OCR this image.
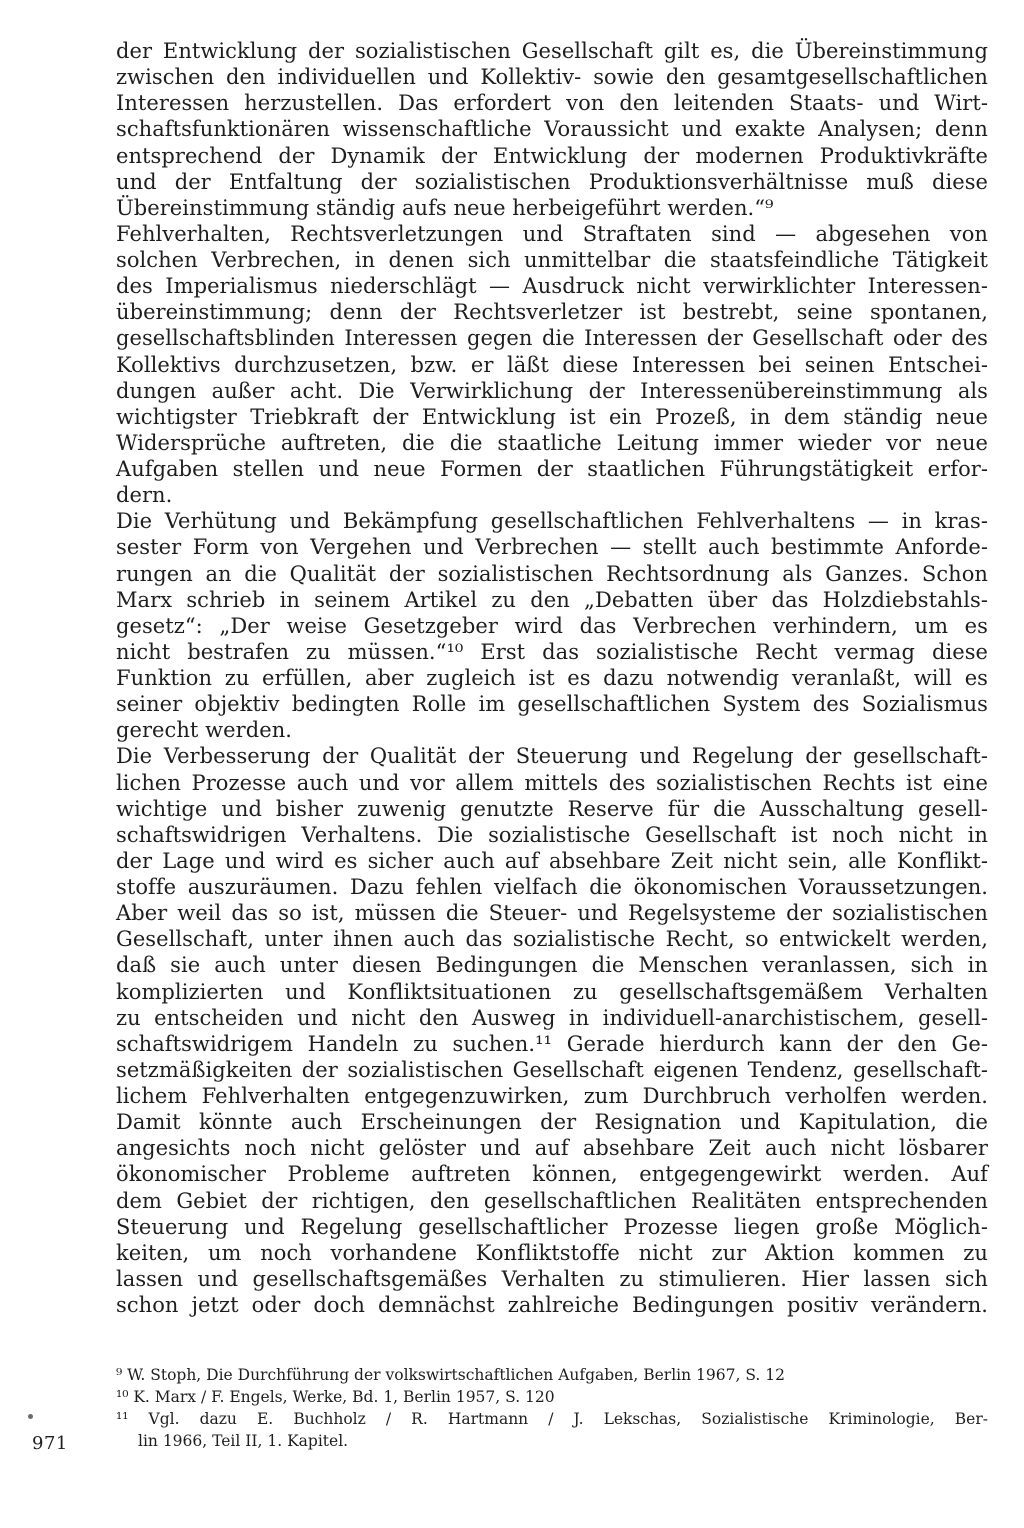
der Entwicklung der sozialistischen Gesellschaft gilt es, die Übereinstimmung
zwischen den individuellen und Kollektiv- sowie den gesamtgesellschaftlichen
Interessen herzustellen. Das erfordert von den leitenden Staats- und Wirt-
schaftsfunktionären wissenschaftliche Voraussicht und exakte Analysen; denn
entsprechend der Dynamik der Entwicklung der modernen Produktivkräfte
und der Entfaltung der sozialistischen Produktionsverhältnisse muß diese
Übereinstimmung ständig aufs neue herbeigeführt werden.“⁹
Fehlverhalten, Rechtsverletzungen und Straftaten sind — abgesehen von
solchen Verbrechen, in denen sich unmittelbar die staatsfeindliche Tätigkeit
des Imperialismus niederschlägt — Ausdruck nicht verwirklichter Interessen-
übereinstimmung; denn der Rechtsverletzer ist bestrebt, seine spontanen,
gesellschaftsblinden Interessen gegen die Interessen der Gesellschaft oder des
Kollektivs durchzusetzen, bzw. er läßt diese Interessen bei seinen Entschei-
dungen außer acht. Die Verwirklichung der Interessenübereinstimmung als
wichtigster Triebkraft der Entwicklung ist ein Prozeß, in dem ständig neue
Widersprüche auftreten, die die staatliche Leitung immer wieder vor neue
Aufgaben stellen und neue Formen der staatlichen Führungstätigkeit erfor-
dern.
Die Verhütung und Bekämpfung gesellschaftlichen Fehlverhaltens — in kras-
sester Form von Vergehen und Verbrechen — stellt auch bestimmte Anforde-
rungen an die Qualität der sozialistischen Rechtsordnung als Ganzes. Schon
Marx schrieb in seinem Artikel zu den „Debatten über das Holzdiebstahls-
gesetz“: „Der weise Gesetzgeber wird das Verbrechen verhindern, um es
nicht bestrafen zu müssen.“¹⁰ Erst das sozialistische Recht vermag diese
Funktion zu erfüllen, aber zugleich ist es dazu notwendig veranlaßt, will es
seiner objektiv bedingten Rolle im gesellschaftlichen System des Sozialismus
gerecht werden.
Die Verbesserung der Qualität der Steuerung und Regelung der gesellschaft-
lichen Prozesse auch und vor allem mittels des sozialistischen Rechts ist eine
wichtige und bisher zuwenig genutzte Reserve für die Ausschaltung gesell-
schaftswidrigen Verhaltens. Die sozialistische Gesellschaft ist noch nicht in
der Lage und wird es sicher auch auf absehbare Zeit nicht sein, alle Konflikt-
stoffe auszuräumen. Dazu fehlen vielfach die ökonomischen Voraussetzungen.
Aber weil das so ist, müssen die Steuer- und Regelsysteme der sozialistischen
Gesellschaft, unter ihnen auch das sozialistische Recht, so entwickelt werden,
daß sie auch unter diesen Bedingungen die Menschen veranlassen, sich in
komplizierten und Konfliktsituationen zu gesellschaftsgemäßem Verhalten
zu entscheiden und nicht den Ausweg in individuell-anarchistischem, gesell-
schaftswidrigem Handeln zu suchen.¹¹ Gerade hierdurch kann der den Ge-
setzmäßigkeiten der sozialistischen Gesellschaft eigenen Tendenz, gesellschaft-
lichem Fehlverhalten entgegenzuwirken, zum Durchbruch verholfen werden.
Damit könnte auch Erscheinungen der Resignation und Kapitulation, die
angesichts noch nicht gelöster und auf absehbare Zeit auch nicht lösbarer
ökonomischer Probleme auftreten können, entgegengewirkt werden. Auf
dem Gebiet der richtigen, den gesellschaftlichen Realitäten entsprechenden
Steuerung und Regelung gesellschaftlicher Prozesse liegen große Möglich-
keiten, um noch vorhandene Konfliktstoffe nicht zur Aktion kommen zu
lassen und gesellschaftsgemäßes Verhalten zu stimulieren. Hier lassen sich
schon jetzt oder doch demnächst zahlreiche Bedingungen positiv verändern.
⁹ W. Stoph, Die Durchführung der volkswirtschaftlichen Aufgaben, Berlin 1967, S. 12
¹⁰ K. Marx / F. Engels, Werke, Bd. 1, Berlin 1957, S. 120
¹¹ Vgl. dazu E. Buchholz / R. Hartmann / J. Lekschas, Sozialistische Kriminologie, Ber-
lin 1966, Teil II, 1. Kapitel.
971
